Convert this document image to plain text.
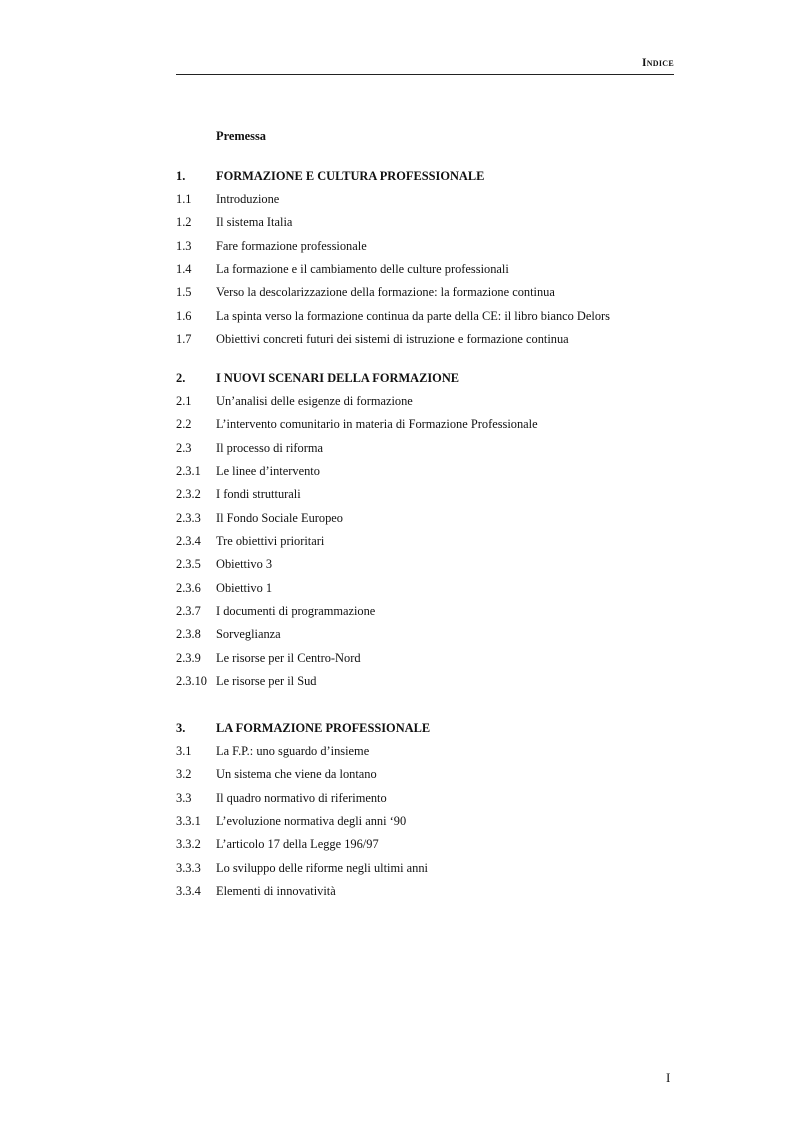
Indice
Premessa
1. FORMAZIONE E CULTURA PROFESSIONALE
1.1 Introduzione
1.2 Il sistema Italia
1.3 Fare formazione professionale
1.4 La formazione e il cambiamento delle culture professionali
1.5 Verso la descolarizzazione della formazione: la formazione continua
1.6 La spinta verso la formazione continua da parte della CE: il libro bianco Delors
1.7 Obiettivi concreti futuri dei sistemi di istruzione e formazione continua
2. I NUOVI SCENARI DELLA FORMAZIONE
2.1 Un’analisi delle esigenze di formazione
2.2 L’intervento comunitario in materia di Formazione Professionale
2.3 Il processo di riforma
2.3.1 Le linee d’intervento
2.3.2 I fondi strutturali
2.3.3 Il Fondo Sociale Europeo
2.3.4 Tre obiettivi prioritari
2.3.5 Obiettivo 3
2.3.6 Obiettivo 1
2.3.7 I documenti di programmazione
2.3.8 Sorveglianza
2.3.9 Le risorse per il Centro-Nord
2.3.10 Le risorse per il Sud
3. LA FORMAZIONE PROFESSIONALE
3.1 La F.P.: uno sguardo d’insieme
3.2 Un sistema che viene da lontano
3.3 Il quadro normativo di riferimento
3.3.1 L’evoluzione normativa degli anni ‘90
3.3.2 L’articolo 17 della Legge 196/97
3.3.3 Lo sviluppo delle riforme negli ultimi anni
3.3.4 Elementi di innovatività
I
